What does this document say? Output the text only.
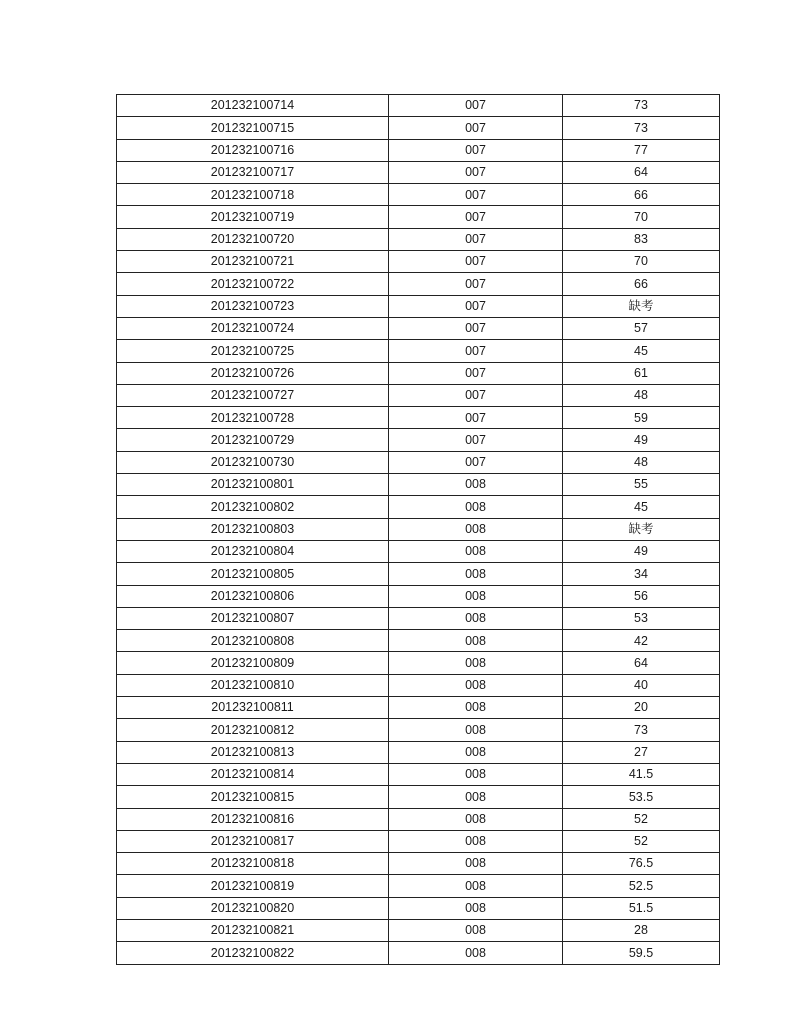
201232100714	007	73
201232100715	007	73
201232100716	007	77
201232100717	007	64
201232100718	007	66
201232100719	007	70
201232100720	007	83
201232100721	007	70
201232100722	007	66
201232100723	007	缺考
201232100724	007	57
201232100725	007	45
201232100726	007	61
201232100727	007	48
201232100728	007	59
201232100729	007	49
201232100730	007	48
201232100801	008	55
201232100802	008	45
201232100803	008	缺考
201232100804	008	49
201232100805	008	34
201232100806	008	56
201232100807	008	53
201232100808	008	42
201232100809	008	64
201232100810	008	40
201232100811	008	20
201232100812	008	73
201232100813	008	27
201232100814	008	41.5
201232100815	008	53.5
201232100816	008	52
201232100817	008	52
201232100818	008	76.5
201232100819	008	52.5
201232100820	008	51.5
201232100821	008	28
201232100822	008	59.5
